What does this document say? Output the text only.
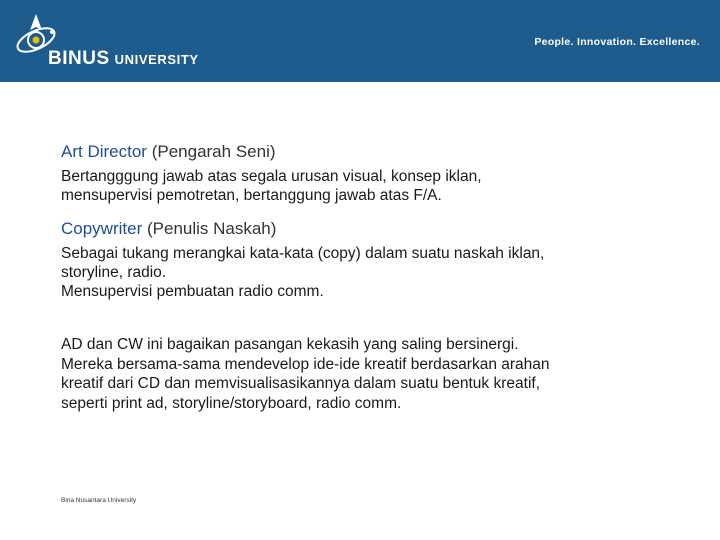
BINUS UNIVERSITY
People. Innovation. Excellence.
Art Director (Pengarah Seni)
Bertangggung jawab atas segala urusan visual, konsep iklan,
mensupervisi pemotretan, bertanggung jawab atas F/A.
Copywriter (Penulis Naskah)
Sebagai tukang merangkai kata-kata (copy) dalam suatu naskah iklan,
storyline, radio.
Mensupervisi pembuatan radio comm.
AD dan CW ini bagaikan pasangan kekasih yang saling bersinergi.
Mereka bersama-sama mendevelop ide-ide kreatif berdasarkan arahan
kreatif dari CD dan memvisualisasikannya dalam suatu bentuk kreatif,
seperti print ad, storyline/storyboard, radio comm.
Bina Nusantara University
